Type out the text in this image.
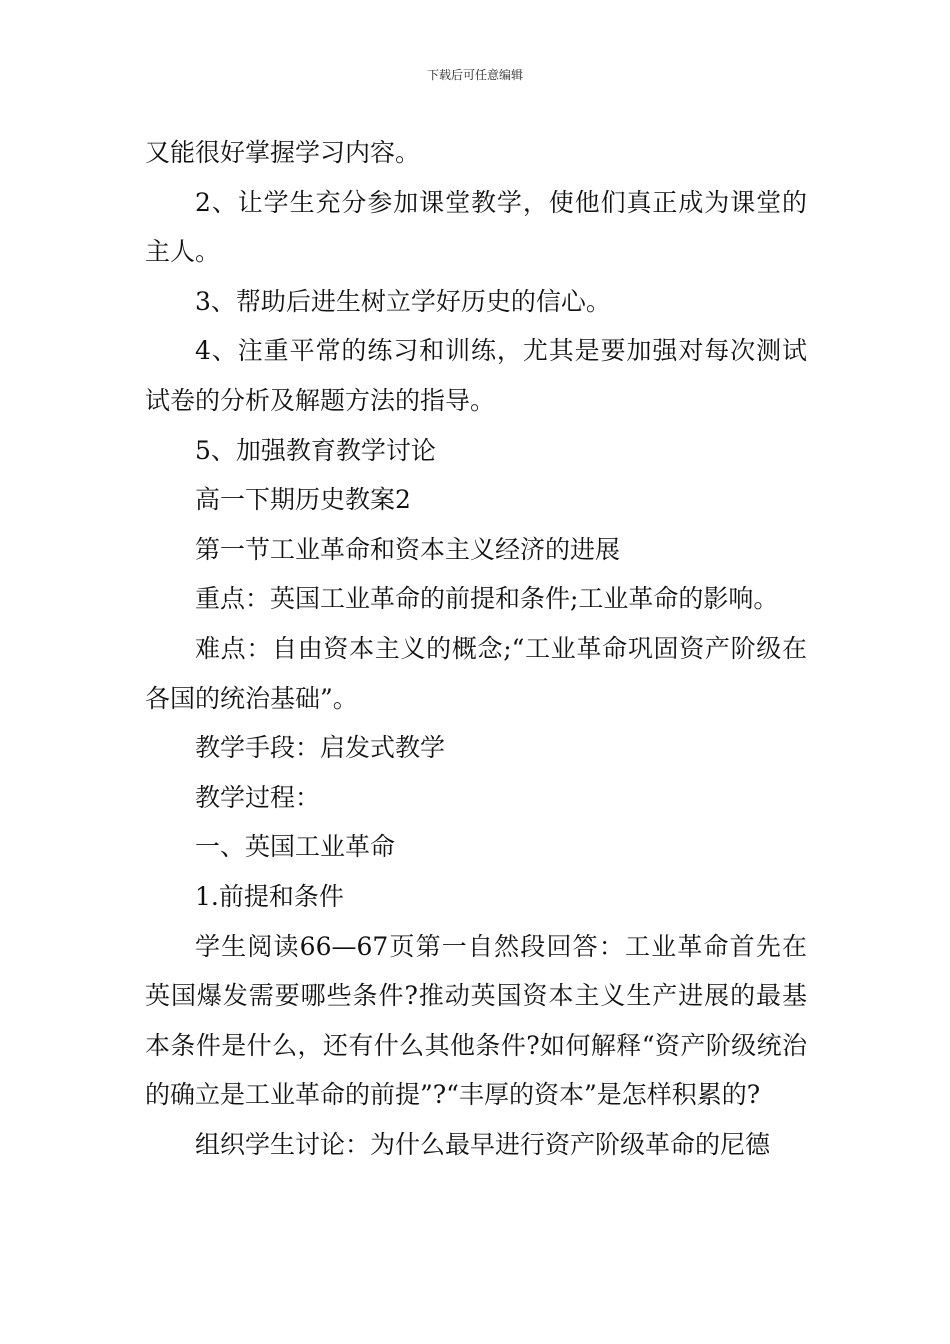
下载后可任意编辑

又能很好掌握学习内容。

2、让学生充分参加课堂教学，使他们真正成为课堂的主人。

3、帮助后进生树立学好历史的信心。

4、注重平常的练习和训练，尤其是要加强对每次测试试卷的分析及解题方法的指导。

5、加强教育教学讨论

高一下期历史教案2

第一节工业革命和资本主义经济的进展

重点：英国工业革命的前提和条件;工业革命的影响。

难点：自由资本主义的概念;“工业革命巩固资产阶级在各国的统治基础”。

教学手段：启发式教学

教学过程：

一、英国工业革命

1.前提和条件

学生阅读66—67页第一自然段回答：工业革命首先在英国爆发需要哪些条件?推动英国资本主义生产进展的最基本条件是什么，还有什么其他条件?如何解释“资产阶级统治的确立是工业革命的前提”?“丰厚的资本”是怎样积累的?

组织学生讨论：为什么最早进行资产阶级革命的尼德
